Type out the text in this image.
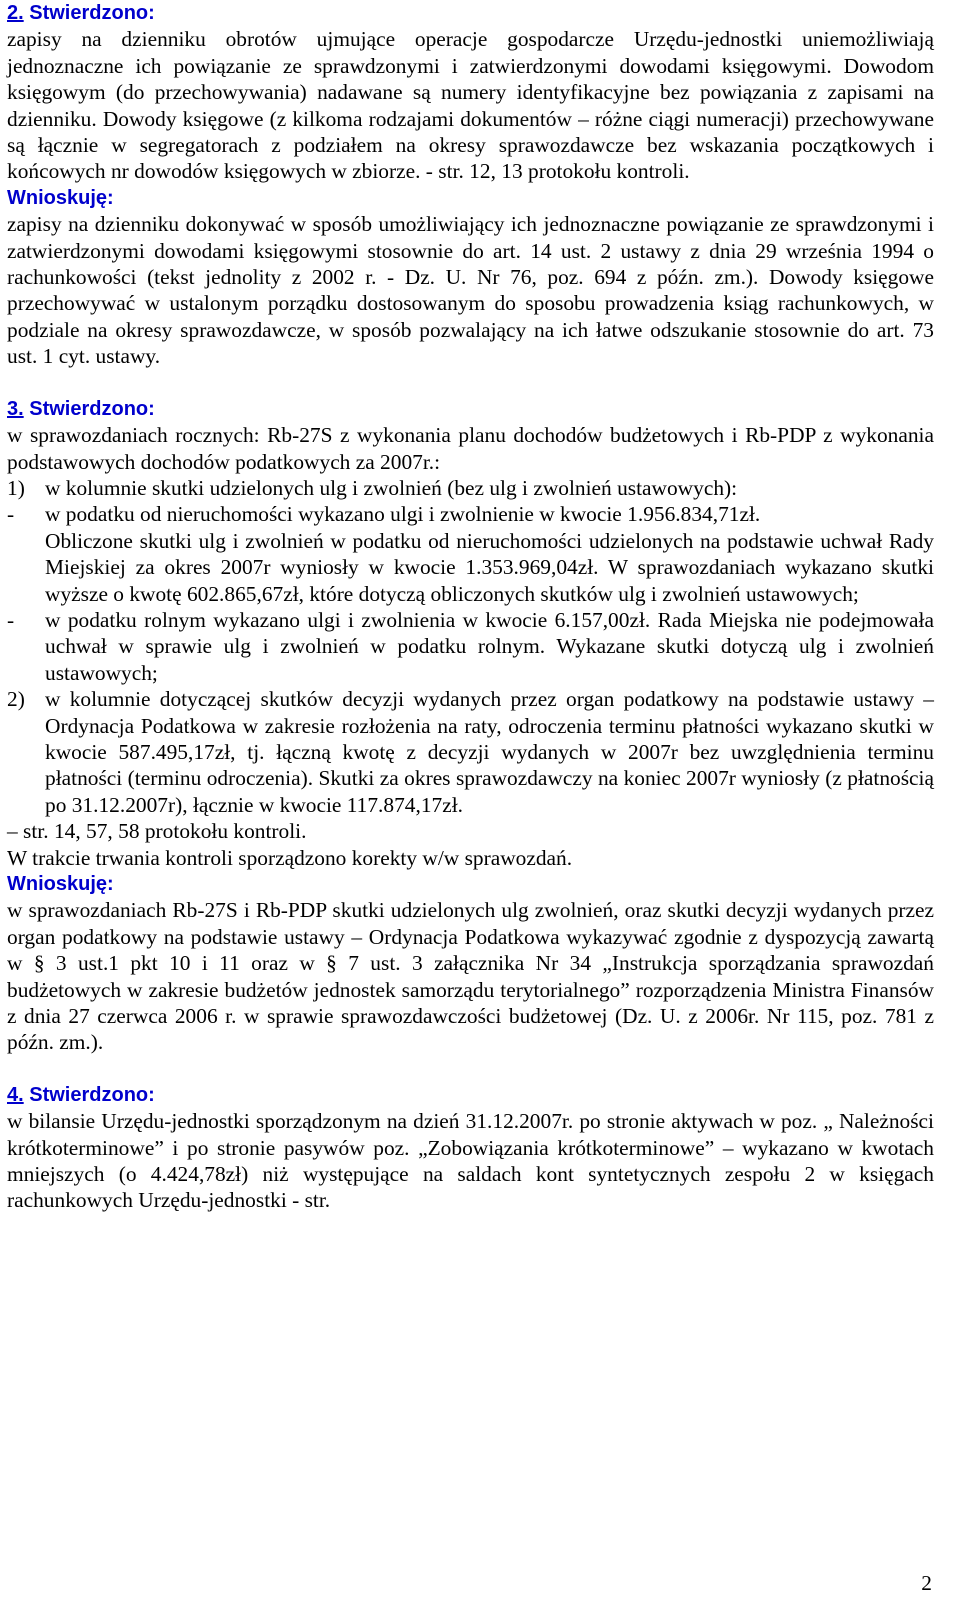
2. Stwierdzono:

zapisy na dzienniku obrotów ujmujące operacje gospodarcze Urzędu-jednostki uniemożliwiają jednoznaczne ich powiązanie ze sprawdzonymi i zatwierdzonymi dowodami księgowymi. Dowodom księgowym (do przechowywania) nadawane są numery identyfikacyjne bez powiązania z zapisami na dzienniku. Dowody księgowe (z kilkoma rodzajami dokumentów – różne ciągi numeracji) przechowywane są łącznie w segregatorach z podziałem na okresy sprawozdawcze bez wskazania początkowych i końcowych nr dowodów księgowych w zbiorze. - str. 12, 13 protokołu kontroli.

Wnioskuję:

zapisy na dzienniku dokonywać w sposób umożliwiający ich jednoznaczne powiązanie ze sprawdzonymi i zatwierdzonymi dowodami księgowymi stosownie do art. 14 ust. 2 ustawy z dnia 29 września 1994 o rachunkowości (tekst jednolity z 2002 r. - Dz. U. Nr 76, poz. 694 z późn. zm.). Dowody księgowe przechowywać w ustalonym porządku dostosowanym do sposobu prowadzenia ksiąg rachunkowych, w podziale na okresy sprawozdawcze, w sposób pozwalający na ich łatwe odszukanie stosownie do art. 73 ust. 1 cyt. ustawy.

3. Stwierdzono:

w sprawozdaniach rocznych: Rb-27S z wykonania planu dochodów budżetowych i Rb-PDP z wykonania podstawowych dochodów podatkowych za 2007r.:

1) w kolumnie skutki udzielonych ulg i zwolnień (bez ulg i zwolnień ustawowych):
-	w podatku od nieruchomości wykazano ulgi i zwolnienie w kwocie 1.956.834,71zł.

Obliczone skutki ulg i zwolnień w podatku od nieruchomości udzielonych na podstawie uchwał Rady Miejskiej za okres 2007r wyniosły w kwocie 1.353.969,04zł. W sprawozdaniach wykazano skutki wyższe o kwotę 602.865,67zł, które dotyczą obliczonych skutków ulg i zwolnień ustawowych;

-	w podatku rolnym wykazano ulgi i zwolnienia w kwocie 6.157,00zł. Rada Miejska nie podejmowała uchwał w sprawie ulg i zwolnień w podatku rolnym. Wykazane skutki dotyczą ulg i zwolnień ustawowych;
2) w kolumnie dotyczącej skutków decyzji wydanych przez organ podatkowy na podstawie ustawy – Ordynacja Podatkowa w zakresie rozłożenia na raty, odroczenia terminu płatności wykazano skutki w kwocie 587.495,17zł, tj. łączną kwotę z decyzji wydanych w 2007r bez uwzględnienia terminu płatności (terminu odroczenia). Skutki za okres sprawozdawczy na koniec 2007r wyniosły (z płatnością po 31.12.2007r), łącznie w kwocie 117.874,17zł.

– str. 14, 57, 58 protokołu kontroli.

W trakcie trwania kontroli sporządzono korekty w/w sprawozdań.

Wnioskuję:

w sprawozdaniach Rb-27S i Rb-PDP skutki udzielonych ulg zwolnień, oraz skutki decyzji wydanych przez organ podatkowy na podstawie ustawy – Ordynacja Podatkowa wykazywać zgodnie z dyspozycją zawartą w § 3 ust.1 pkt 10 i 11 oraz w § 7 ust. 3 załącznika Nr 34 „Instrukcja sporządzania sprawozdań budżetowych w zakresie budżetów jednostek samorządu terytorialnego” rozporządzenia Ministra Finansów z dnia 27 czerwca 2006 r. w sprawie sprawozdawczości budżetowej (Dz. U. z 2006r. Nr 115, poz. 781 z późn. zm.).

4. Stwierdzono:

w bilansie Urzędu-jednostki sporządzonym na dzień 31.12.2007r. po stronie aktywach w poz. „ Należności krótkoterminowe” i po stronie pasywów poz. „Zobowiązania krótkoterminowe” – wykazano w kwotach mniejszych (o 4.424,78zł) niż występujące na saldach kont syntetycznych zespołu 2 w księgach rachunkowych Urzędu-jednostki - str.

2
